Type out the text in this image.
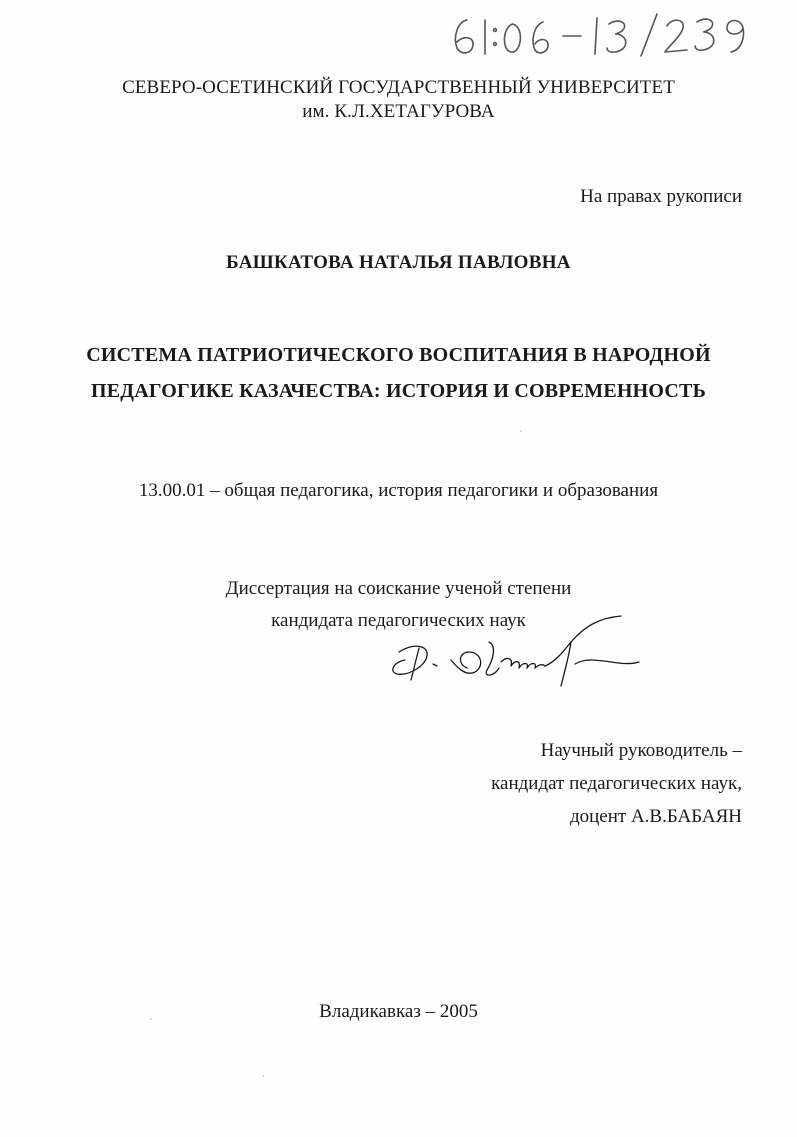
СЕВЕРО-ОСЕТИНСКИЙ ГОСУДАРСТВЕННЫЙ УНИВЕРСИТЕТ
им. К.Л.ХЕТАГУРОВА
На правах рукописи
БАШКАТОВА НАТАЛЬЯ ПАВЛОВНА
СИСТЕМА ПАТРИОТИЧЕСКОГО ВОСПИТАНИЯ В НАРОДНОЙ
ПЕДАГОГИКЕ КАЗАЧЕСТВА: ИСТОРИЯ И СОВРЕМЕННОСТЬ
13.00.01 – общая педагогика, история педагогики и образования
Диссертация на соискание ученой степени
кандидата педагогических наук
Научный руководитель –
кандидат педагогических наук,
доцент А.В.БАБАЯН
Владикавказ – 2005
